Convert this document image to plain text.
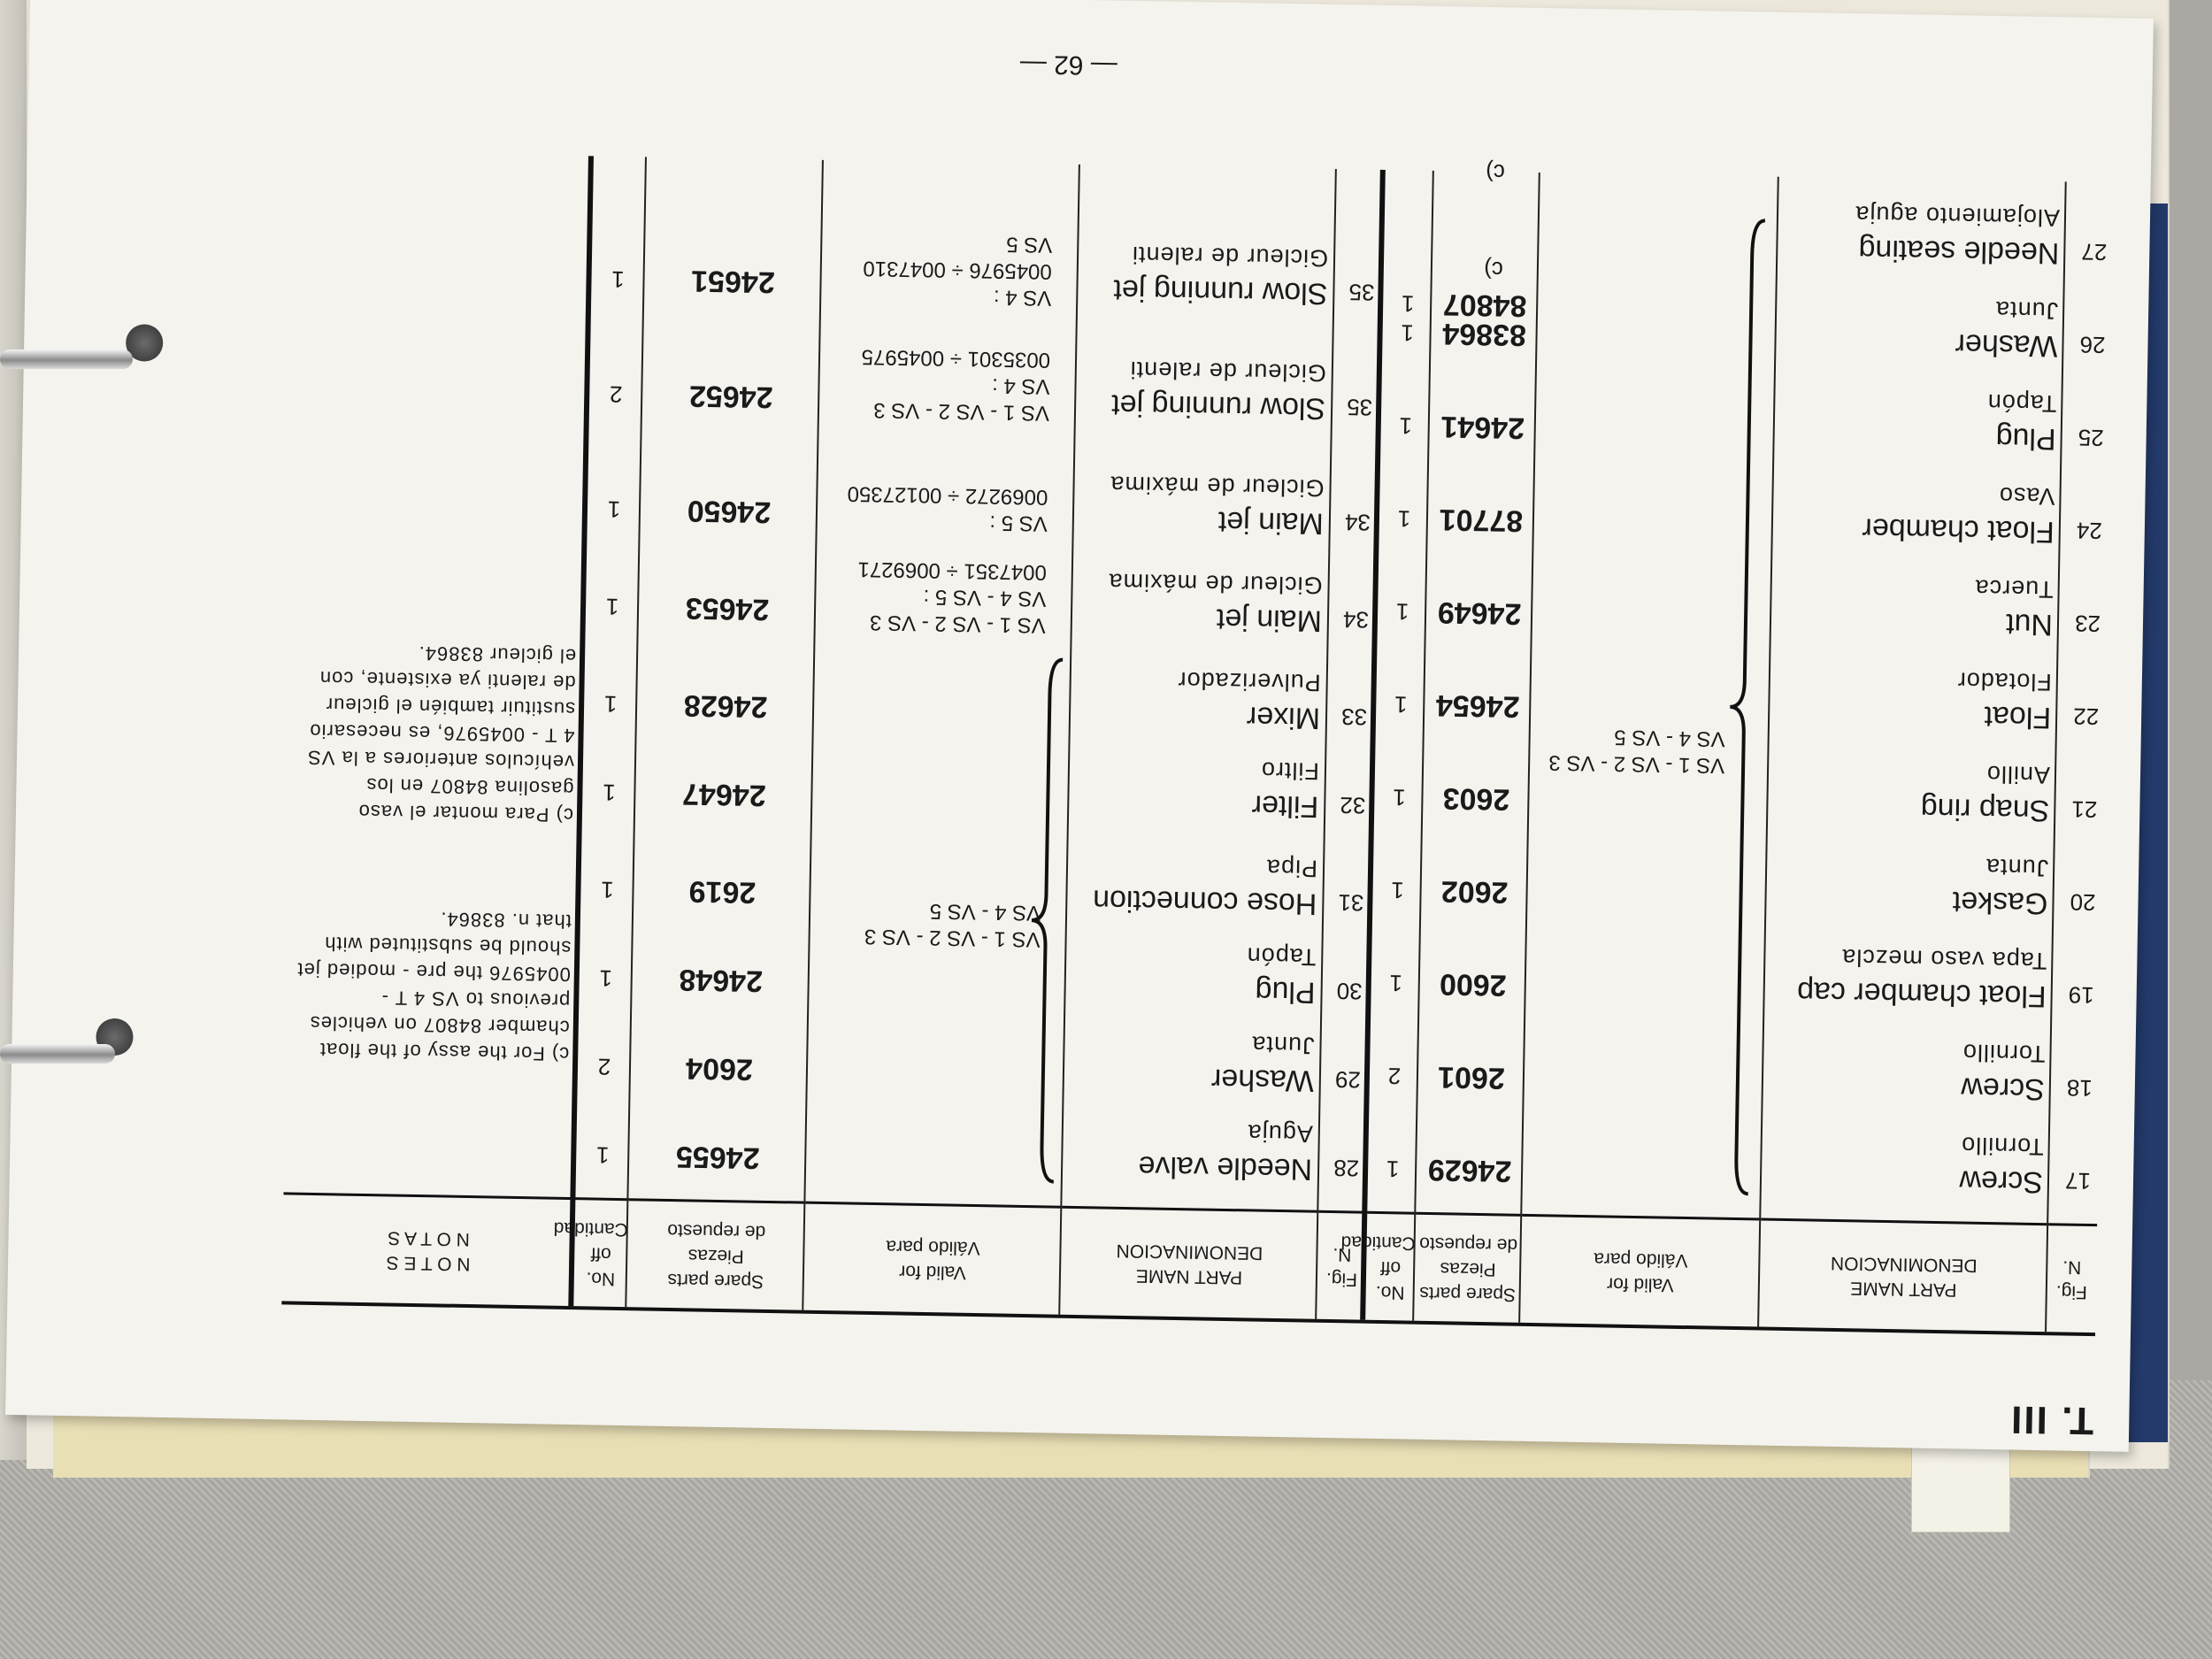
T. III
— 62 —
Fig. N.
PART NAME
DENOMINACION
Valid for
Válido para
Spare parts
Piezas
de repuesto
No. off
Cantidad
Fig. N.
PART NAME
DENOMINACION
Valid for
Válido para
Spare parts
Piezas
de repuesto
No. off
Cantidad
N O T E S
N O T A S
17
Screw
Tornillo
24629
1
18
Screw
Tornillo
2601
2
19
Float chamber cap
Tapa vaso mezcla
2600
1
20
Gasket
Junta
2602
1
21
Snap ring
Anillo
2603
1
22
Float
Flotador
24654
1
23
Nut
Tuerca
24649
1
24
Float chamber
Vaso
87701
1
25
Plug
Tapón
24641
1
26
Washer
Junta
83864
1
27
Needle seating
Alojamiento aguja
VS 1 - VS 2 - VS 3
VS 4 - VS 5
84807
1
c)
c)
c) For the assy of the float chamber 84807 on vehicles previous to VS 4 T - 0045976 the pre - modied jet should be substituted with that n. 83864.
c) Para montar el vaso gasolina 84807 en los vehículos anteriores a la VS 4 T - 0045976, es necesario sustituir también el gicleur de ralenti ya existente, con el gicleur 83864.
28
Needle valve
Aguja
24655
1
29
Washer
Junta
2604
2
30
Plug
Tapón
24648
1
31
Hose connection
Pipa
2619
1
32
Filter
Filtro
24647
1
33
Mixer
Pulverizador
24628
1
34
Main jet
Gicleur de máxima
24653
1
34
Main jet
Gicleur de máxima
24650
1
35
Slow running jet
Gicleur de ralenti
24652
2
35
Slow running jet
Gicleur de ralenti
24651
1
VS 1 - VS 2 - VS 3
VS 4 - VS 5
VS 1 - VS 2 - VS 3
VS 4 - VS 5 :
0047351 ÷ 0069271
VS 5 :
0069272 ÷ 00127350
VS 1 - VS 2 - VS 3
VS 4 :
0035301 ÷ 0045975
VS 4 :
0045976 ÷ 0047310
VS 5
